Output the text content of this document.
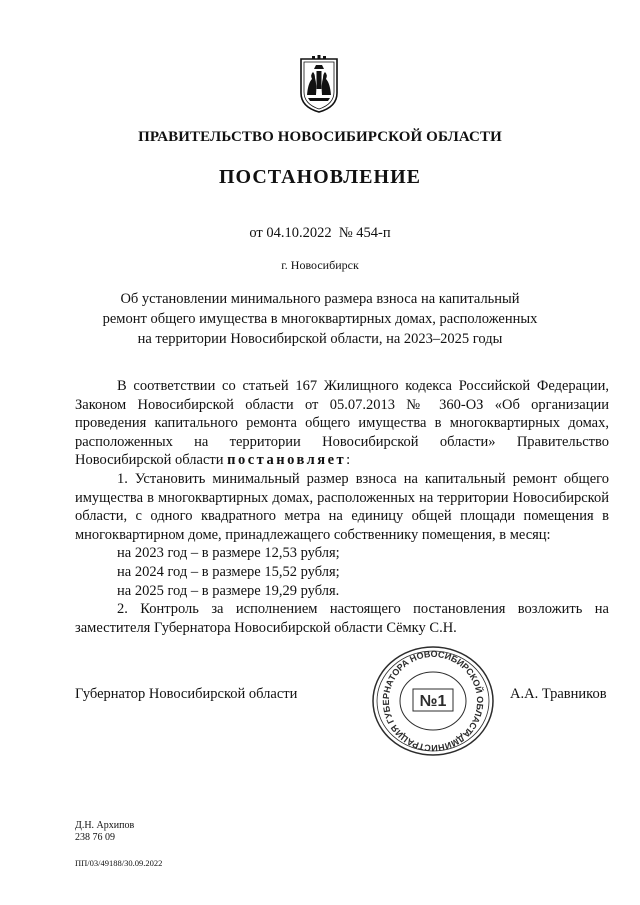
ПРАВИТЕЛЬСТВО НОВОСИБИРСКОЙ ОБЛАСТИ
ПОСТАНОВЛЕНИЕ
от 04.10.2022  № 454-п
г. Новосибирск
Об установлении минимального размера взноса на капитальный ремонт общего имущества в многоквартирных домах, расположенных на территории Новосибирской области, на 2023–2025 годы

В соответствии со статьей 167 Жилищного кодекса Российской Федерации, Законом Новосибирской области от 05.07.2013 № 360-ОЗ «Об организации проведения капитального ремонта общего имущества в многоквартирных домах, расположенных на территории Новосибирской области» Правительство Новосибирской области постановляет:

1. Установить минимальный размер взноса на капитальный ремонт общего имущества в многоквартирных домах, расположенных на территории Новосибирской области, с одного квадратного метра на единицу общей площади помещения в многоквартирном доме, принадлежащего собственнику помещения, в месяц:

на 2023 год – в размере 12,53 рубля;

на 2024 год – в размере 15,52 рубля;

на 2025 год – в размере 19,29 рубля.

2. Контроль за исполнением настоящего постановления возложить на заместителя Губернатора Новосибирской области Сёмку С.Н.

АДМИНИСТРАЦИЯ ГУБЕРНАТОРА НОВОСИБИРСКОЙ ОБЛАСТИ
№1
Губернатор Новосибирской области	А.А. Травников
Д.Н. Архипов
238 76 09
ПП/03/49188/30.09.2022
